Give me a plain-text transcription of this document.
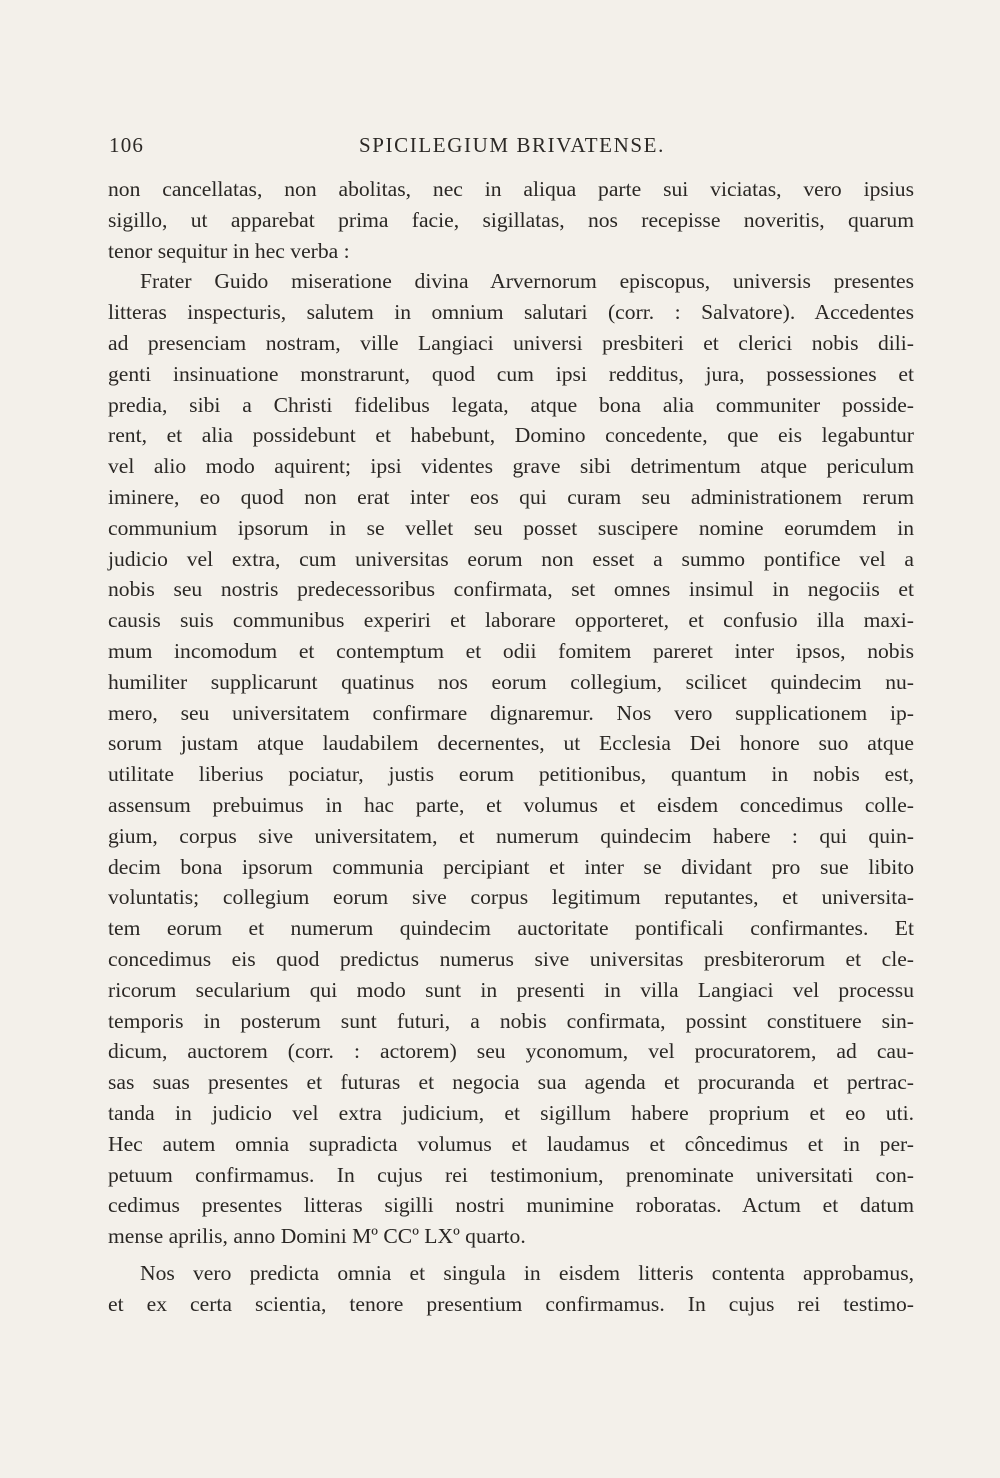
106	SPICILEGIUM BRIVATENSE.
non cancellatas, non abolitas, nec in aliqua parte sui viciatas, vero ipsius
sigillo, ut apparebat prima facie, sigillatas, nos recepisse noveritis, quarum
tenor sequitur in hec verba :
Frater Guido miseratione divina Arvernorum episcopus, universis presentes
litteras inspecturis, salutem in omnium salutari (corr. : Salvatore). Accedentes
ad presenciam nostram, ville Langiaci universi presbiteri et clerici nobis dili-
genti insinuatione monstrarunt, quod cum ipsi redditus, jura, possessiones et
predia, sibi a Christi fidelibus legata, atque bona alia communiter posside-
rent, et alia possidebunt et habebunt, Domino concedente, que eis legabuntur
vel alio modo aquirent; ipsi videntes grave sibi detrimentum atque periculum
iminere, eo quod non erat inter eos qui curam seu administrationem rerum
communium ipsorum in se vellet seu posset suscipere nomine eorumdem in
judicio vel extra, cum universitas eorum non esset a summo pontifice vel a
nobis seu nostris predecessoribus confirmata, set omnes insimul in negociis et
causis suis communibus experiri et laborare opporteret, et confusio illa maxi-
mum incomodum et contemptum et odii fomitem pareret inter ipsos, nobis
humiliter supplicarunt quatinus nos eorum collegium, scilicet quindecim nu-
mero, seu universitatem confirmare dignaremur. Nos vero supplicationem ip-
sorum justam atque laudabilem decernentes, ut Ecclesia Dei honore suo atque
utilitate liberius pociatur, justis eorum petitionibus, quantum in nobis est,
assensum prebuimus in hac parte, et volumus et eisdem concedimus colle-
gium, corpus sive universitatem, et numerum quindecim habere : qui quin-
decim bona ipsorum communia percipiant et inter se dividant pro sue libito
voluntatis; collegium eorum sive corpus legitimum reputantes, et universita-
tem eorum et numerum quindecim auctoritate pontificali confirmantes. Et
concedimus eis quod predictus numerus sive universitas presbiterorum et cle-
ricorum secularium qui modo sunt in presenti in villa Langiaci vel processu
temporis in posterum sunt futuri, a nobis confirmata, possint constituere sin-
dicum, auctorem (corr. : actorem) seu yconomum, vel procuratorem, ad cau-
sas suas presentes et futuras et negocia sua agenda et procuranda et pertrac-
tanda in judicio vel extra judicium, et sigillum habere proprium et eo uti.
Hec autem omnia supradicta volumus et laudamus et côncedimus et in per-
petuum confirmamus. In cujus rei testimonium, prenominate universitati con-
cedimus presentes litteras sigilli nostri munimine roboratas. Actum et datum
mense aprilis, anno Domini Mº CCº LXº quarto.
Nos vero predicta omnia et singula in eisdem litteris contenta approbamus,
et ex certa scientia, tenore presentium confirmamus. In cujus rei testimo-
